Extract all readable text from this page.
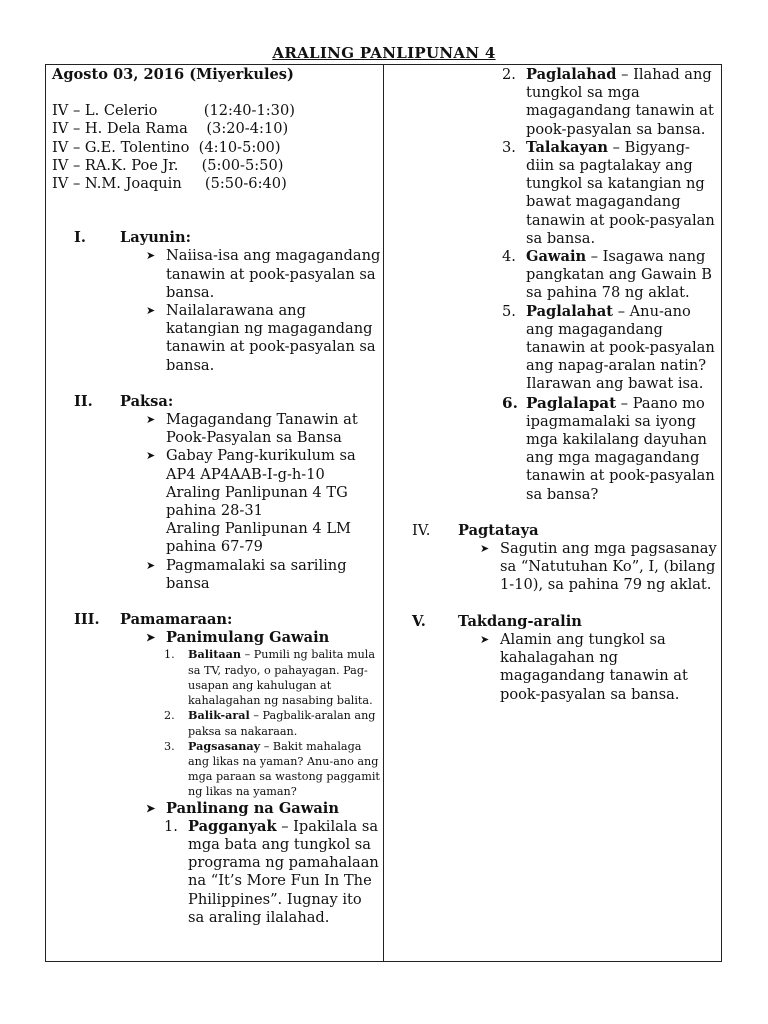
ARALING PANLIPUNAN 4
Agosto 03, 2016 (Miyerkules)
IV – L. Celerio          (12:40-1:30)
IV – H. Dela Rama    (3:20-4:10)
IV – G.E. Tolentino  (4:10-5:00)
IV – RA.K. Poe Jr.     (5:00-5:50)
IV – N.M. Joaquin     (5:50-6:40)
I. Layunin:
➤ Naiisa-isa ang magagandang tanawin at pook-pasyalan sa bansa.
➤ Nailalarawana ang katangian ng magagandang tanawin at pook-pasyalan sa bansa.
II. Paksa:
➤ Magagandang Tanawin at Pook-Pasyalan sa Bansa
➤ Gabay Pang-kurikulum sa AP4 AP4AAB-I-g-h-10
Araling Panlipunan 4 TG pahina 28-31
Araling Panlipunan 4 LM pahina 67-79
➤ Pagmamalaki sa sariling bansa
III. Pamamaraan:
➤ Panimulang Gawain
1. Balitaan – Pumili ng balita mula sa TV, radyo, o pahayagan. Pag-usapan ang kahulugan at kahalagahan ng nasabing balita.
2. Balik-aral – Pagbalik-aralan ang paksa sa nakaraan.
3. Pagsasanay – Bakit mahalaga ang likas na yaman? Anu-ano ang mga paraan sa wastong paggamit ng likas na yaman?
➤ Panlinang na Gawain
1. Pagganyak – Ipakilala sa mga bata ang tungkol sa programa ng pamahalaan na “It’s More Fun In The Philippines”. Iugnay ito sa araling ilalahad.
2. Paglalahad – Ilahad ang tungkol sa mga magagandang tanawin at pook-pasyalan sa bansa.
3. Talakayan – Bigyang-diin sa pagtalakay ang tungkol sa katangian ng bawat magagandang tanawin at pook-pasyalan sa bansa.
4. Gawain – Isagawa nang pangkatan ang Gawain B sa pahina 78 ng aklat.
5. Paglalahat – Anu-ano ang magagandang tanawin at pook-pasyalan ang napag-aralan natin? Ilarawan ang bawat isa.
6. Paglalapat – Paano mo ipagmamalaki sa iyong mga kakilalang dayuhan ang mga magagandang tanawin at pook-pasyalan sa bansa?
IV. Pagtataya
➤ Sagutin ang mga pagsasanay sa “Natutuhan Ko”, I, (bilang 1-10), sa pahina 79 ng aklat.
V. Takdang-aralin
➤ Alamin ang tungkol sa kahalagahan ng magagandang tanawin at pook-pasyalan sa bansa.
